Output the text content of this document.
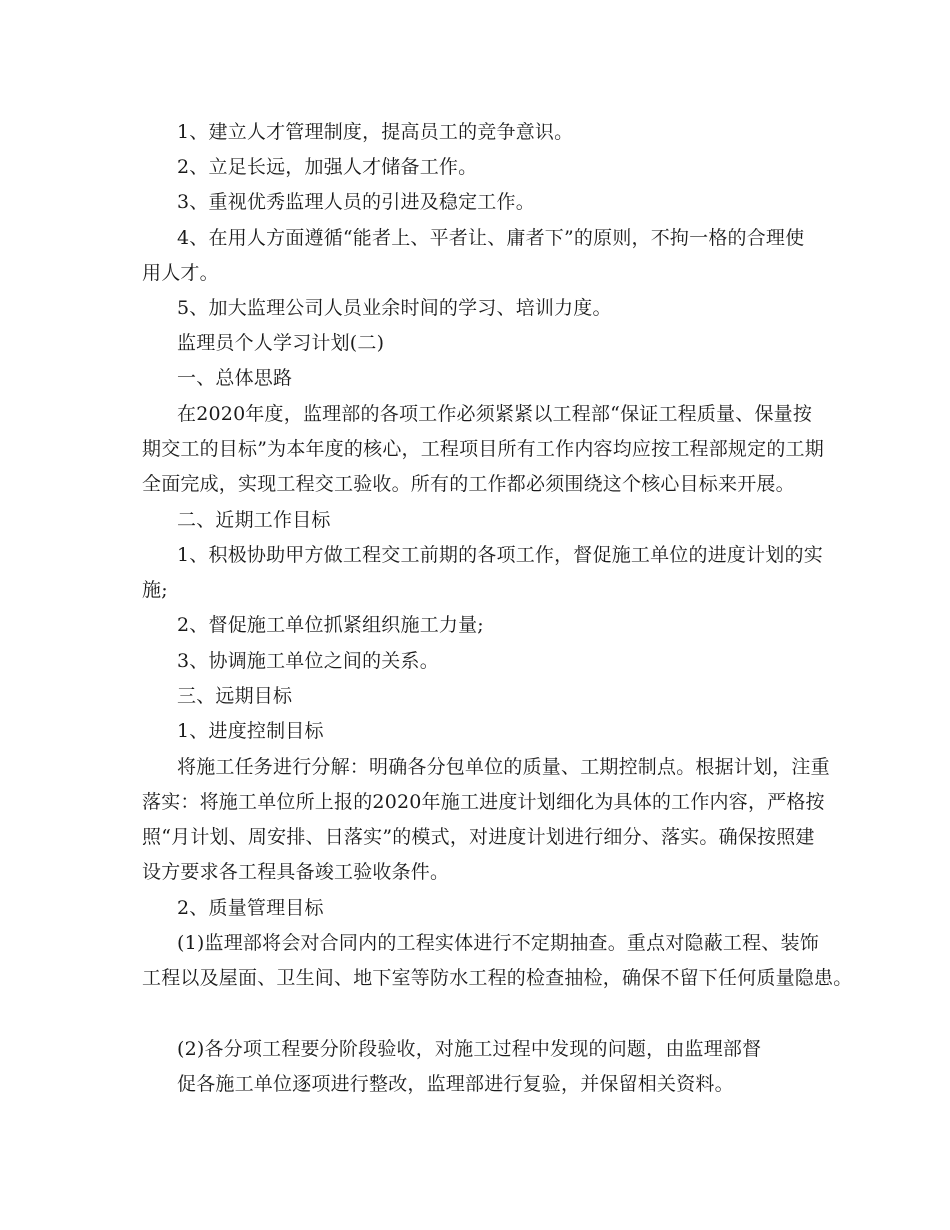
1、建立人才管理制度，提高员工的竞争意识。
2、立足长远，加强人才储备工作。
3、重视优秀监理人员的引进及稳定工作。
4、在用人方面遵循“能者上、平者让、庸者下”的原则，不拘一格的合理使
用人才。
5、加大监理公司人员业余时间的学习、培训力度。
监理员个人学习计划(二)
一、总体思路
在2020年度，监理部的各项工作必须紧紧以工程部“保证工程质量、保量按
期交工的目标”为本年度的核心，工程项目所有工作内容均应按工程部规定的工期
全面完成，实现工程交工验收。所有的工作都必须围绕这个核心目标来开展。
二、近期工作目标
1、积极协助甲方做工程交工前期的各项工作，督促施工单位的进度计划的实
施;
2、督促施工单位抓紧组织施工力量;
3、协调施工单位之间的关系。
三、远期目标
1、进度控制目标
将施工任务进行分解：明确各分包单位的质量、工期控制点。根据计划，注重
落实：将施工单位所上报的2020年施工进度计划细化为具体的工作内容，严格按
照“月计划、周安排、日落实”的模式，对进度计划进行细分、落实。确保按照建
设方要求各工程具备竣工验收条件。
2、质量管理目标
(1)监理部将会对合同内的工程实体进行不定期抽查。重点对隐蔽工程、装饰
工程以及屋面、卫生间、地下室等防水工程的检查抽检，确保不留下任何质量隐患。
(2)各分项工程要分阶段验收，对施工过程中发现的问题，由监理部督
促各施工单位逐项进行整改，监理部进行复验，并保留相关资料。
